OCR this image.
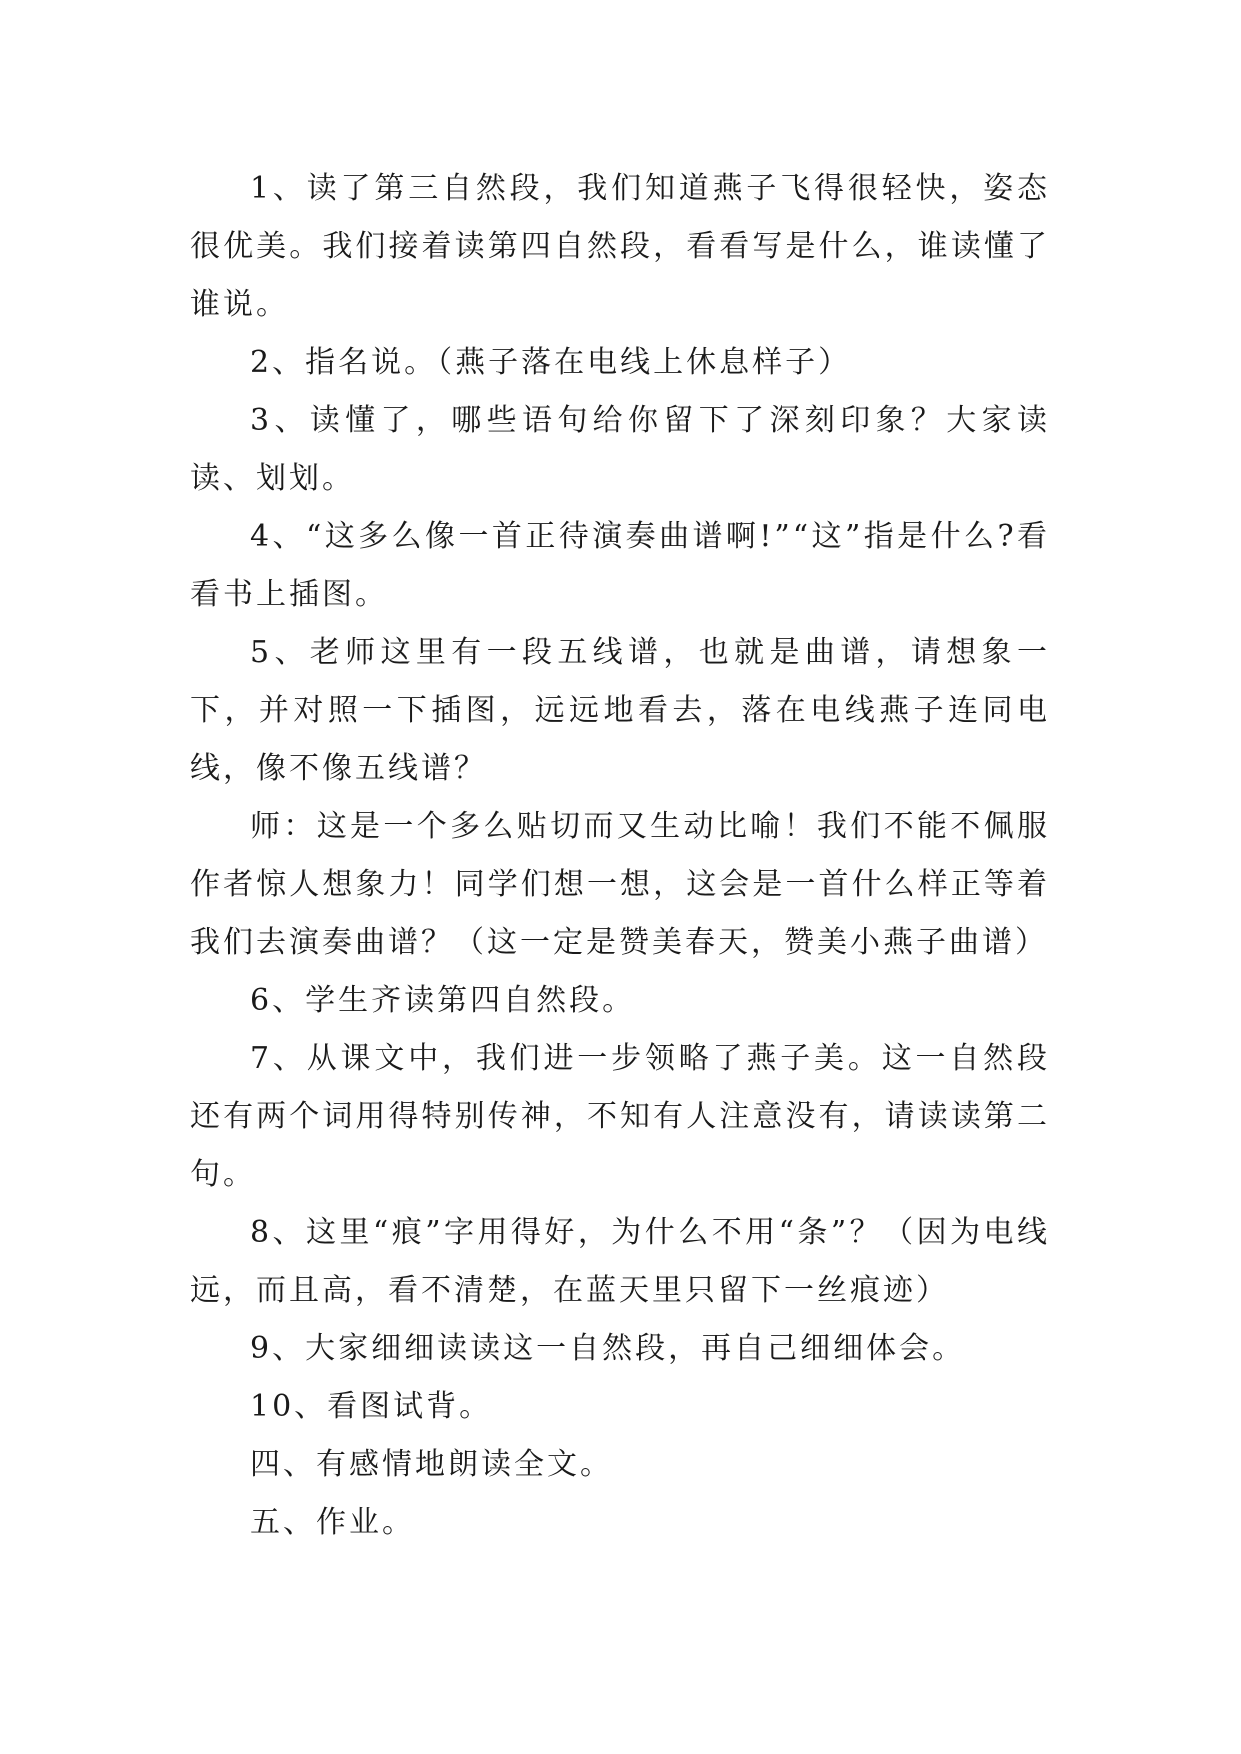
1、读了第三自然段，我们知道燕子飞得很轻快，姿态很优美。我们接着读第四自然段，看看写是什么，谁读懂了谁说。

2、指名说。（燕子落在电线上休息样子）

3、读懂了，哪些语句给你留下了深刻印象？大家读读、划划。

4、“这多么像一首正待演奏曲谱啊!”“这”指是什么?看看书上插图。

5、老师这里有一段五线谱，也就是曲谱，请想象一下，并对照一下插图，远远地看去，落在电线燕子连同电线，像不像五线谱？

师：这是一个多么贴切而又生动比喻！我们不能不佩服作者惊人想象力！同学们想一想，这会是一首什么样正等着我们去演奏曲谱？（这一定是赞美春天，赞美小燕子曲谱）

6、学生齐读第四自然段。

7、从课文中，我们进一步领略了燕子美。这一自然段还有两个词用得特别传神，不知有人注意没有，请读读第二句。

8、这里“痕”字用得好，为什么不用“条”？（因为电线远，而且高，看不清楚，在蓝天里只留下一丝痕迹）

9、大家细细读读这一自然段，再自己细细体会。

10、看图试背。

四、有感情地朗读全文。

五、作业。
